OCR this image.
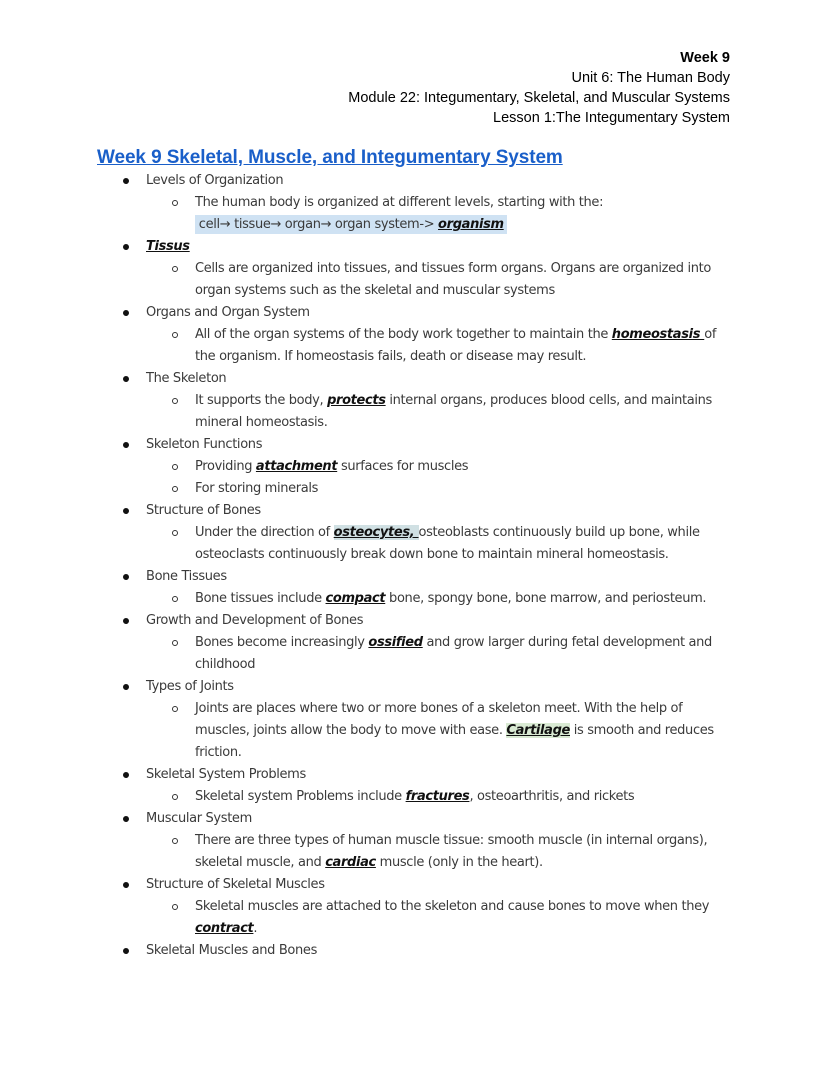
Week 9
Unit 6: The Human Body
Module 22: Integumentary, Skeletal, and Muscular Systems
Lesson 1:The Integumentary System
Week 9 Skeletal, Muscle, and Integumentary System
Levels of Organization
The human body is organized at different levels, starting with the:
cell→ tissue→ organ→ organ system-> organism
Tissus
Cells are organized into tissues, and tissues form organs. Organs are organized into organ systems such as the skeletal and muscular systems
Organs and Organ System
All of the organ systems of the body work together to maintain the homeostasis of the organism. If homeostasis fails, death or disease may result.
The Skeleton
It supports the body, protects internal organs, produces blood cells, and maintains mineral homeostasis.
Skeleton Functions
Providing attachment surfaces for muscles
For storing minerals
Structure of Bones
Under the direction of osteocytes, osteoblasts continuously build up bone, while osteoclasts continuously break down bone to maintain mineral homeostasis.
Bone Tissues
Bone tissues include compact bone, spongy bone, bone marrow, and periosteum.
Growth and Development of Bones
Bones become increasingly ossified and grow larger during fetal development and childhood
Types of Joints
Joints are places where two or more bones of a skeleton meet. With the help of muscles, joints allow the body to move with ease. Cartilage is smooth and reduces friction.
Skeletal System Problems
Skeletal system Problems include fractures, osteoarthritis, and rickets
Muscular System
There are three types of human muscle tissue: smooth muscle (in internal organs), skeletal muscle, and cardiac muscle (only in the heart).
Structure of Skeletal Muscles
Skeletal muscles are attached to the skeleton and cause bones to move when they contract.
Skeletal Muscles and Bones
